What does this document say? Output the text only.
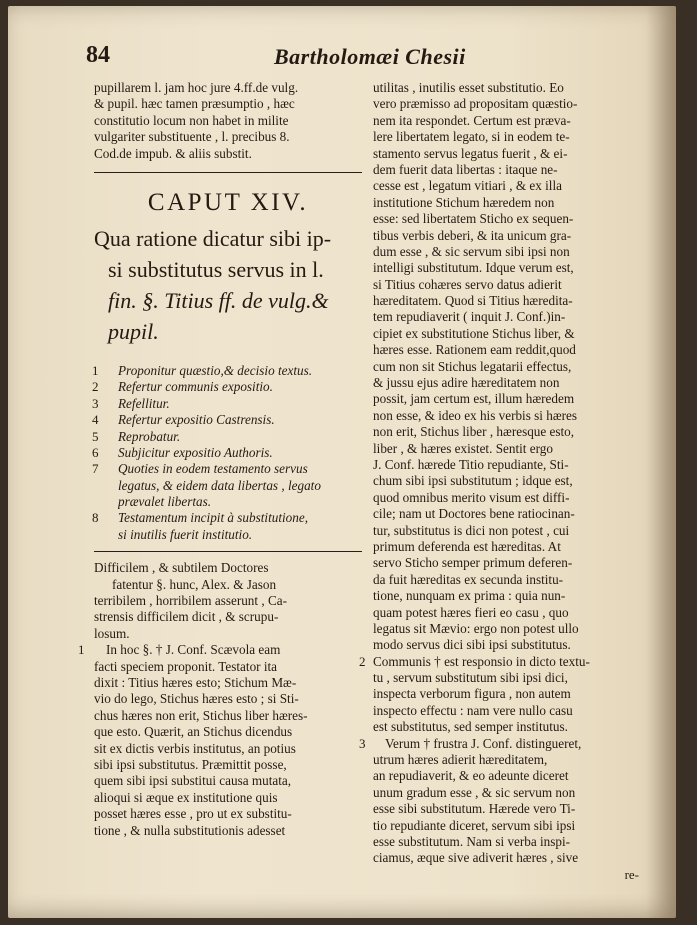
84	Bartholomæi Chesii
pupillarem l. jam hoc jure 4.ff.de vulg.
& pupil. hæc tamen præsumptio , hæc
constitutio locum non habet in milite
vulgariter substituente , l. precibus 8.
Cod.de impub. & aliis substit.
CAPUT XIV.
Qua ratione dicatur sibi ip-
si substitutus servus in l.
fin. §. Titius ff. de vulg.&
pupil.
1	Proponitur quæstio,& decisio textus.
2	Refertur communis expositio.
3	Refellitur.
4	Refertur expositio Castrensis.
5	Reprobatur.
6	Subjicitur expositio Authoris.
7	Quoties in eodem testamento servus
legatus, & eidem data libertas , legato
prævalet libertas.
8	Testamentum incipit à substitutione,
si inutilis fuerit institutio.
Difficilem , & subtilem Doctores
fatentur §. hunc, Alex. & Jason
terribilem , horribilem asserunt , Ca-
strensis difficilem dicit , & scrupu-
losum.
1	In hoc §. † J. Conf. Scævola eam
facti speciem proponit. Testator ita
dixit : Titius hæres esto; Stichum Mæ-
vio do lego, Stichus hæres esto ; si Sti-
chus hæres non erit, Stichus liber hæres-
que esto. Quærit, an Stichus dicendus
sit ex dictis verbis institutus, an potius
sibi ipsi substitutus. Præmittit posse,
quem sibi ipsi substitui causa mutata,
alioqui si æque ex institutione quis
posset hæres esse , pro ut ex substitu-
tione , & nulla substitutionis adesset
utilitas , inutilis esset substitutio. Eo
vero præmisso ad propositam quæstio-
nem ita respondet. Certum est præva-
lere libertatem legato, si in eodem te-
stamento servus legatus fuerit , & ei-
dem fuerit data libertas : itaque ne-
cesse est , legatum vitiari , & ex illa
institutione Stichum hæredem non
esse: sed libertatem Sticho ex sequen-
tibus verbis deberi, & ita unicum gra-
dum esse , & sic servum sibi ipsi non
intelligi substitutum. Idque verum est,
si Titius cohæres servo datus adierit
hæreditatem. Quod si Titius hæredita-
tem repudiaverit ( inquit J. Conf.)in-
cipiet ex substitutione Stichus liber, &
hæres esse. Rationem eam reddit,quod
cum non sit Stichus legatarii effectus,
& jussu ejus adire hæreditatem non
possit, jam certum est, illum hæredem
non esse, & ideo ex his verbis si hæres
non erit, Stichus liber , hæresque esto,
liber , & hæres existet. Sentit ergo
J. Conf. hærede Titio repudiante, Sti-
chum sibi ipsi substitutum ; idque est,
quod omnibus merito visum est diffi-
cile; nam ut Doctores bene ratiocinan-
tur, substitutus is dici non potest , cui
primum deferenda est hæreditas. At
servo Sticho semper primum deferen-
da fuit hæreditas ex secunda institu-
tione, nunquam ex prima : quia nun-
quam potest hæres fieri eo casu , quo
legatus sit Mævio: ergo non potest ullo
modo servus dici sibi ipsi substitutus.
2 Communis † est responsio in dicto textu-
tu , servum substitutum sibi ipsi dici,
inspecta verborum figura , non autem
inspecto effectu : nam vere nullo casu
est substitutus, sed semper institutus.
3	Verum † frustra J. Conf. distingueret,
utrum hæres adierit hæreditatem,
an repudiaverit, & eo adeunte diceret
unum gradum esse , & sic servum non
esse sibi substitutum. Hærede vero Ti-
tio repudiante diceret, servum sibi ipsi
esse substitutum. Nam si verba inspi-
ciamus, æque sive adiverit hæres , sive
re-
